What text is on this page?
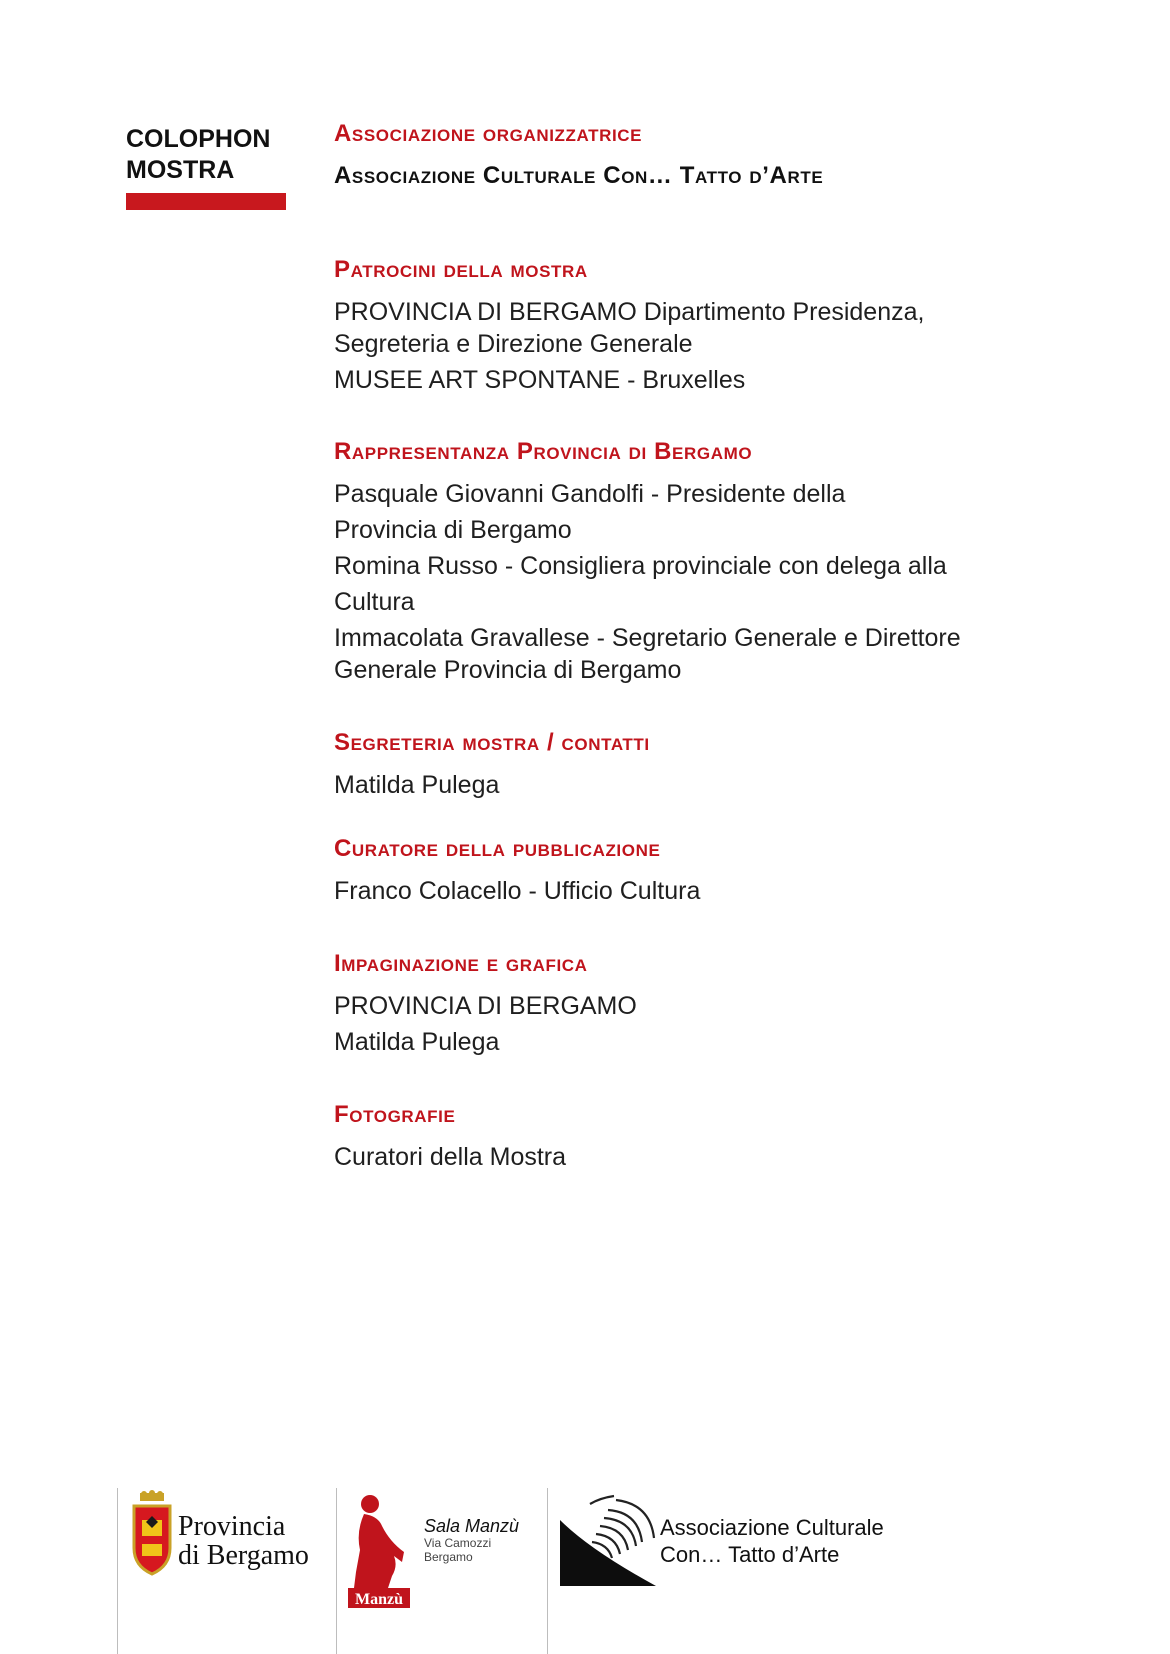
COLOPHON
MOSTRA
Associazione organizzatrice
Associazione Culturale Con… Tatto d’Arte
Patrocini della mostra
PROVINCIA DI BERGAMO Dipartimento Presidenza,
Segreteria e Direzione Generale
MUSEE ART SPONTANE - Bruxelles
Rappresentanza Provincia di Bergamo
Pasquale Giovanni Gandolfi - Presidente della
Provincia di Bergamo
Romina Russo - Consigliera provinciale con delega alla
Cultura
Immacolata Gravallese - Segretario Generale e Direttore
Generale Provincia di Bergamo
Segreteria mostra / contatti
Matilda Pulega
Curatore della pubblicazione
Franco Colacello - Ufficio Cultura
Impaginazione e grafica
PROVINCIA DI BERGAMO
Matilda Pulega
Fotografie
Curatori della Mostra
Provincia
di Bergamo
Manzù
Sala Manzù
Via Camozzi
Bergamo
Associazione Culturale
Con… Tatto d’Arte
